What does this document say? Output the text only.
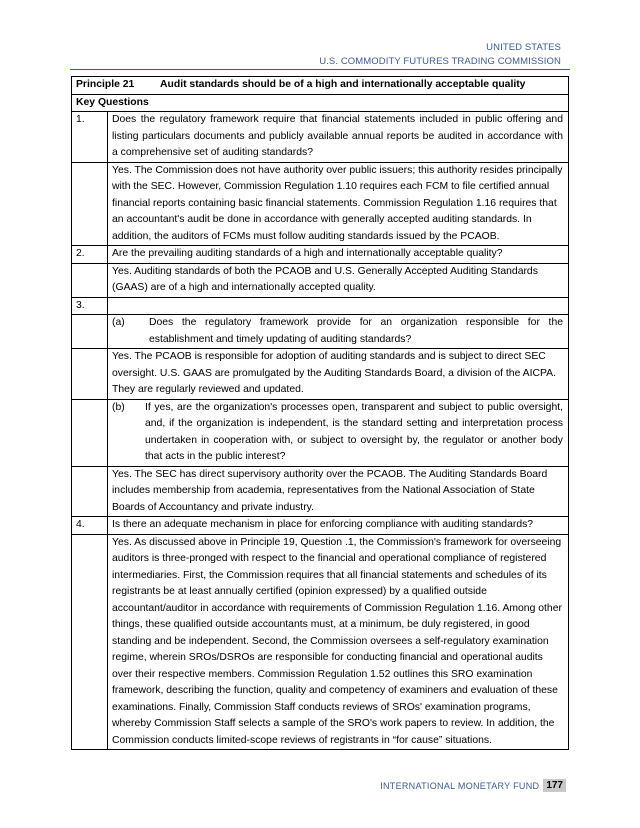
UNITED STATES
U.S. COMMODITY FUTURES TRADING COMMISSION
Principle 21 Audit standards should be of a high and internationally acceptable quality	
Key Questions	
1.	Does the regulatory framework require that financial statements included in public offering and listing particulars documents and publicly available annual reports be audited in accordance with a comprehensive set of auditing standards?
	Yes. The Commission does not have authority over public issuers; this authority resides principally with the SEC. However, Commission Regulation 1.10 requires each FCM to file certified annual financial reports containing basic financial statements. Commission Regulation 1.16 requires that an accountant's audit be done in accordance with generally accepted auditing standards. In addition, the auditors of FCMs must follow auditing standards issued by the PCAOB.
2.	Are the prevailing auditing standards of a high and internationally acceptable quality?
	Yes. Auditing standards of both the PCAOB and U.S. Generally Accepted Auditing Standards (GAAS) are of a high and internationally accepted quality.
3.	

	(a) Does the regulatory framework provide for an organization responsible for the establishment and timely updating of auditing standards?

	Yes. The PCAOB is responsible for adoption of auditing standards and is subject to direct SEC oversight. U.S. GAAS are promulgated by the Auditing Standards Board, a division of the AICPA. They are regularly reviewed and updated.

	(b) If yes, are the organization's processes open, transparent and subject to public oversight, and, if the organization is independent, is the standard setting and interpretation process undertaken in cooperation with, or subject to oversight by, the regulator or another body that acts in the public interest?

	Yes. The SEC has direct supervisory authority over the PCAOB. The Auditing Standards Board includes membership from academia, representatives from the National Association of State Boards of Accountancy and private industry.
4.	Is there an adequate mechanism in place for enforcing compliance with auditing standards?
	Yes. As discussed above in Principle 19, Question .1, the Commission's framework for overseeing auditors is three-pronged with respect to the financial and operational compliance of registered intermediaries. First, the Commission requires that all financial statements and schedules of its registrants be at least annually certified (opinion expressed) by a qualified outside accountant/auditor in accordance with requirements of Commission Regulation 1.16. Among other things, these qualified outside accountants must, at a minimum, be duly registered, in good standing and be independent. Second, the Commission oversees a self-regulatory examination regime, wherein SROs/DSROs are responsible for conducting financial and operational audits over their respective members. Commission Regulation 1.52 outlines this SRO examination framework, describing the function, quality and competency of examiners and evaluation of these examinations. Finally, Commission Staff conducts reviews of SROs' examination programs, whereby Commission Staff selects a sample of the SRO's work papers to review. In addition, the Commission conducts limited-scope reviews of registrants in “for cause” situations.
INTERNATIONAL MONETARY FUND 177
